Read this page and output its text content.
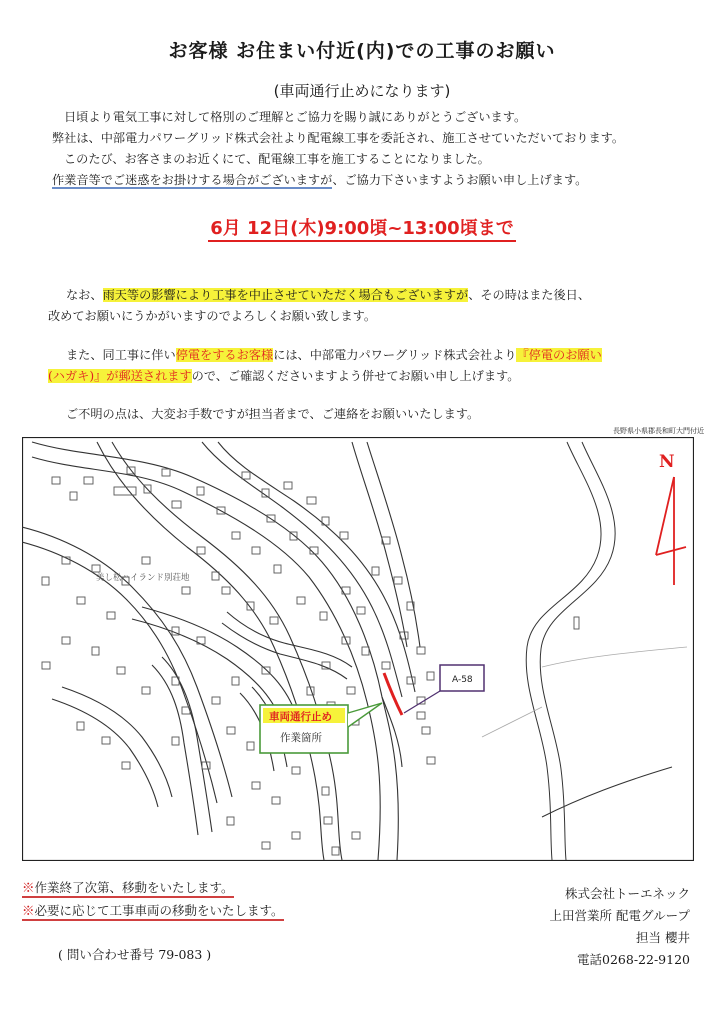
お客様 お住まい付近(内)での工事のお願い
(車両通行止めになります)
日頃より電気工事に対して格別のご理解とご協力を賜り誠にありがとうございます。
弊社は、中部電力パワーグリッド株式会社より配電線工事を委託され、施工させていただいております。
このたび、お客さまのお近くにて、配電線工事を施工することになりました。
作業音等でご迷惑をお掛けする場合がございますが、ご協力下さいますようお願い申し上げます。
6月 12日(木)9:00頃~13:00頃まで
なお、雨天等の影響により工事を中止させていただく場合もございますが、その時はまた後日、
改めてお願いにうかがいますのでよろしくお願い致します。
また、同工事に伴い停電をするお客様には、中部電力パワーグリッド株式会社より『停電のお願い
(ハガキ)』が郵送されますので、ご確認くださいますよう併せてお願い申し上げます。
ご不明の点は、大変お手数ですが担当者まで、ご連絡をお願いいたします。
長野県小県郡長和町大門付近
A-58
車両通行止め
作業箇所
美し松ハイランド別荘地
N
※作業終了次第、移動をいたします。
※必要に応じて工事車両の移動をいたします。
株式会社トーエネック
上田営業所 配電グループ
担当 櫻井
電話0268-22-9120
( 問い合わせ番号 79-083 )
